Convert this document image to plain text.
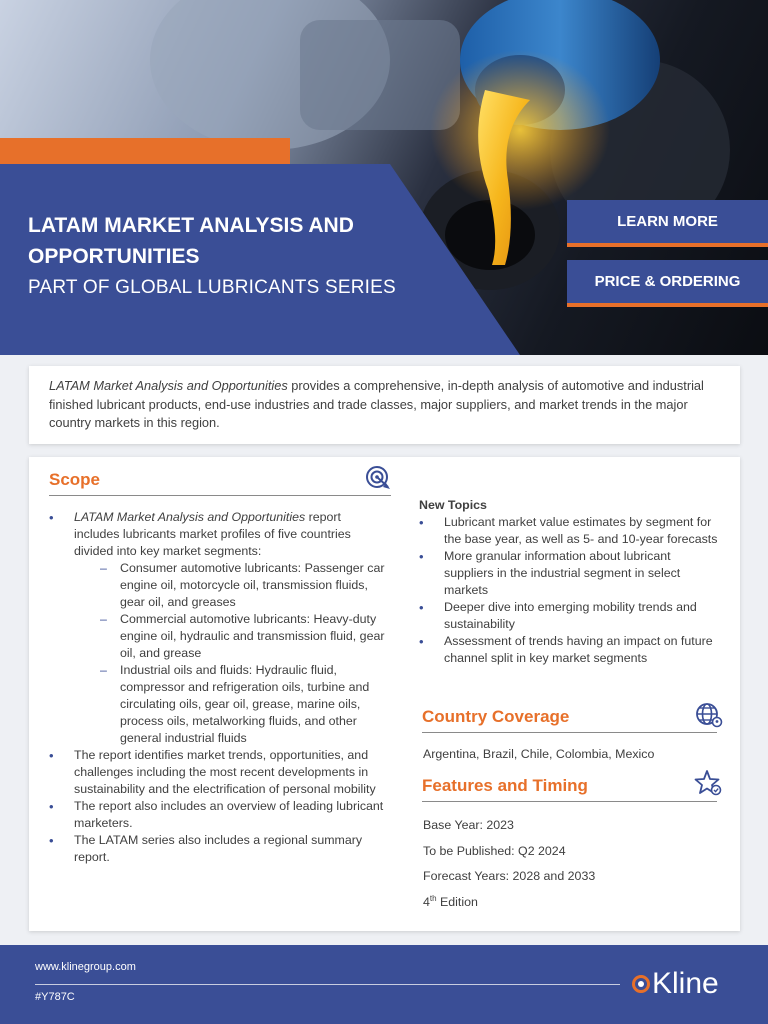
LATAM MARKET ANALYSIS AND OPPORTUNITIES
PART OF GLOBAL LUBRICANTS SERIES
LEARN MORE
PRICE & ORDERING

LATAM Market Analysis and Opportunities provides a comprehensive, in-depth analysis of automotive and industrial finished lubricant products, end-use industries and trade classes, major suppliers, and market trends in the major country markets in this region.

Scope
• LATAM Market Analysis and Opportunities report includes lubricants market profiles of five countries divided into key market segments:
– Consumer automotive lubricants: Passenger car engine oil, motorcycle oil, transmission fluids, gear oil, and greases
– Commercial automotive lubricants: Heavy-duty engine oil, hydraulic and transmission fluid, gear oil, and grease
– Industrial oils and fluids: Hydraulic fluid, compressor and refrigeration oils, turbine and circulating oils, gear oil, grease, marine oils, process oils, metalworking fluids, and other general industrial fluids
• The report identifies market trends, opportunities, and challenges including the most recent developments in sustainability and the electrification of personal mobility
• The report also includes an overview of leading lubricant marketers.
• The LATAM series also includes a regional summary report.
New Topics
• Lubricant market value estimates by segment for the base year, as well as 5- and 10-year forecasts
• More granular information about lubricant suppliers in the industrial segment in select markets
• Deeper dive into emerging mobility trends and sustainability
• Assessment of trends having an impact on future channel split in key market segments
Country Coverage
Argentina, Brazil, Chile, Colombia, Mexico
Features and Timing
Base Year: 2023
To be Published: Q2 2024
Forecast Years: 2028 and 2033
4th Edition
www.klinegroup.com
#Y787C	Kline
